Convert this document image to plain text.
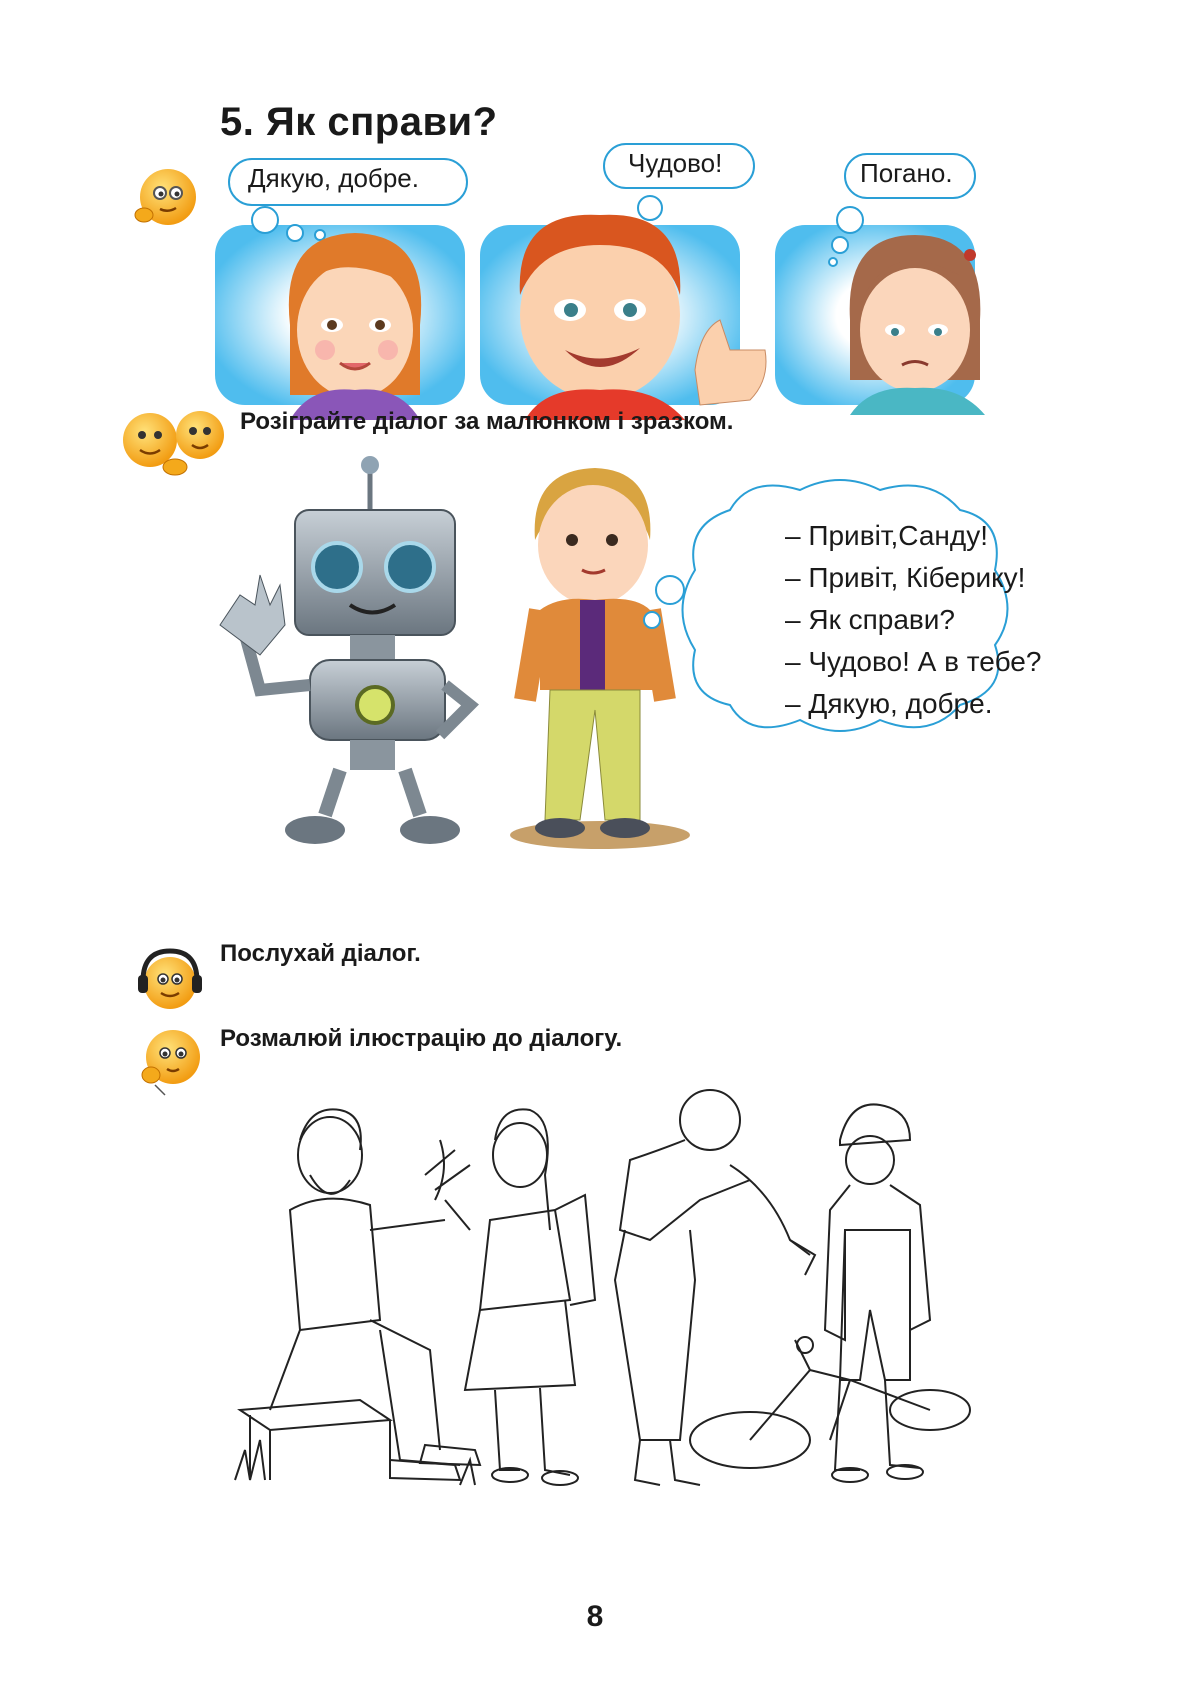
5. Як справи?
Дякую, добре.	Чудово!	Погано.
Розіграйте діалог за малюнком і зразком.
– Привіт,Санду!
– Привіт, Кіберику!
– Як справи?
– Чудово! А в тебе?
– Дякую, добре.
Послухай діалог.
Розмалюй ілюстрацію до діалогу.
8
